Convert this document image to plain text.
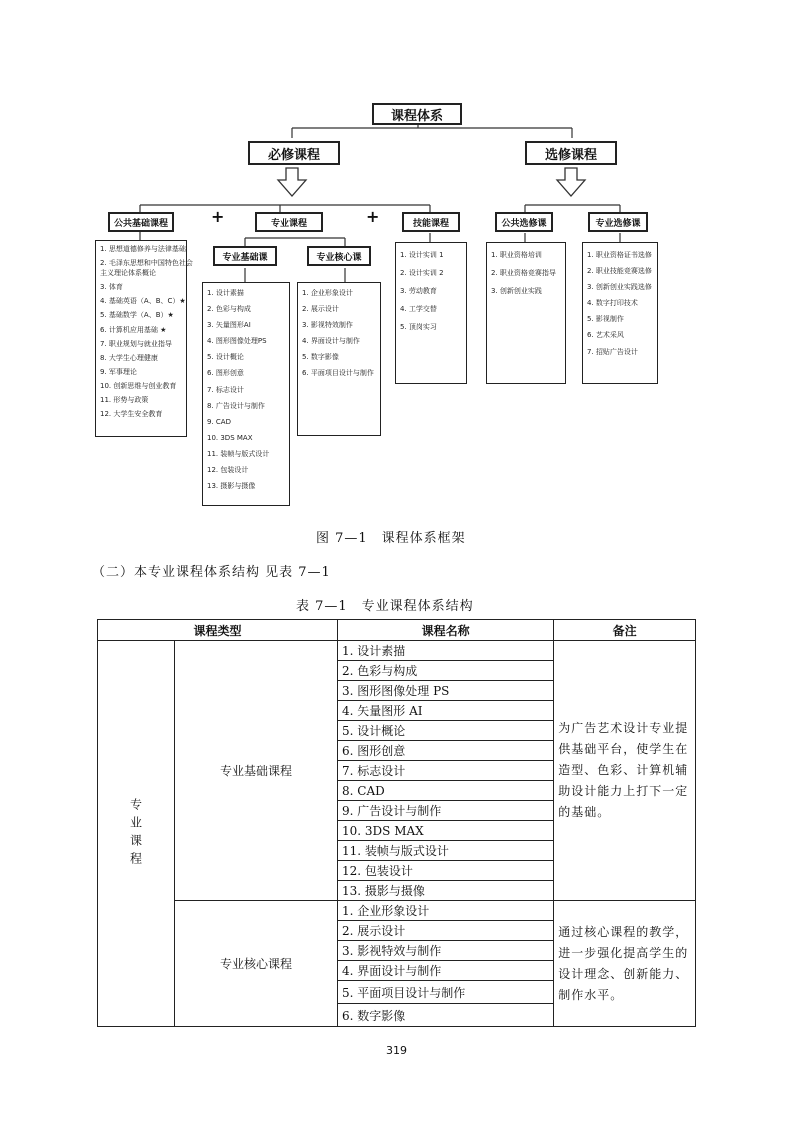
课程体系
必修课程	选修课程
公共基础课程	+	专业课程	+	技能课程	公共选修课	专业选修课
专业基础课	专业核心课
1. 思想道德修养与法律基础
2. 毛泽东思想和中国特色社会
主义理论体系概论
3. 体育
4. 基础英语（A、B、C）★
5. 基础数学（A、B）★
6. 计算机应用基础 ★
7. 职业规划与就业指导
8. 大学生心理健康
9. 军事理论
10. 创新思维与创业教育
11. 形势与政策
12. 大学生安全教育
1. 设计素描
2. 色彩与构成
3. 矢量图形AI
4. 图形图像处理PS
5. 设计概论
6. 图形创意
7. 标志设计
8. 广告设计与制作
9. CAD
10. 3DS MAX
11. 装帧与版式设计
12. 包装设计
13. 摄影与摄像
1. 企业形象设计
2. 展示设计
3. 影视特效制作
4. 界面设计与制作
5. 数字影像
6. 平面项目设计与制作
1. 设计实训 1
2. 设计实训 2
3. 劳动教育
4. 工学交替
5. 顶岗实习
1. 职业资格培训
2. 职业资格竞赛指导
3. 创新创业实践
1. 职业资格证书选修
2. 职业技能竞赛选修
3. 创新创业实践选修
4. 数字打印技术
5. 影视制作
6. 艺术采风
7. 招贴广告设计
图 7—1　课程体系框架
（二）本专业课程体系结构 见表 7—1
表 7—1　专业课程体系结构
课程类型		课程名称	备注
专业课程	专业基础课程	1. 设计素描	为广告艺术设计专业提供基础平台，使学生在造型、色彩、计算机辅助设计能力上打下一定的基础。
		2. 色彩与构成	
		3. 图形图像处理 PS	
		4. 矢量图形 AI	
		5. 设计概论	
		6. 图形创意	
		7. 标志设计	
		8. CAD	
		9. 广告设计与制作	
		10. 3DS MAX	
		11. 装帧与版式设计	
		12. 包装设计	
		13. 摄影与摄像	
	专业核心课程	1. 企业形象设计	通过核心课程的教学，进一步强化提高学生的设计理念、创新能力、制作水平。
		2. 展示设计	
		3. 影视特效与制作	
		4. 界面设计与制作	
		5. 平面项目设计与制作	
		6. 数字影像	
319
